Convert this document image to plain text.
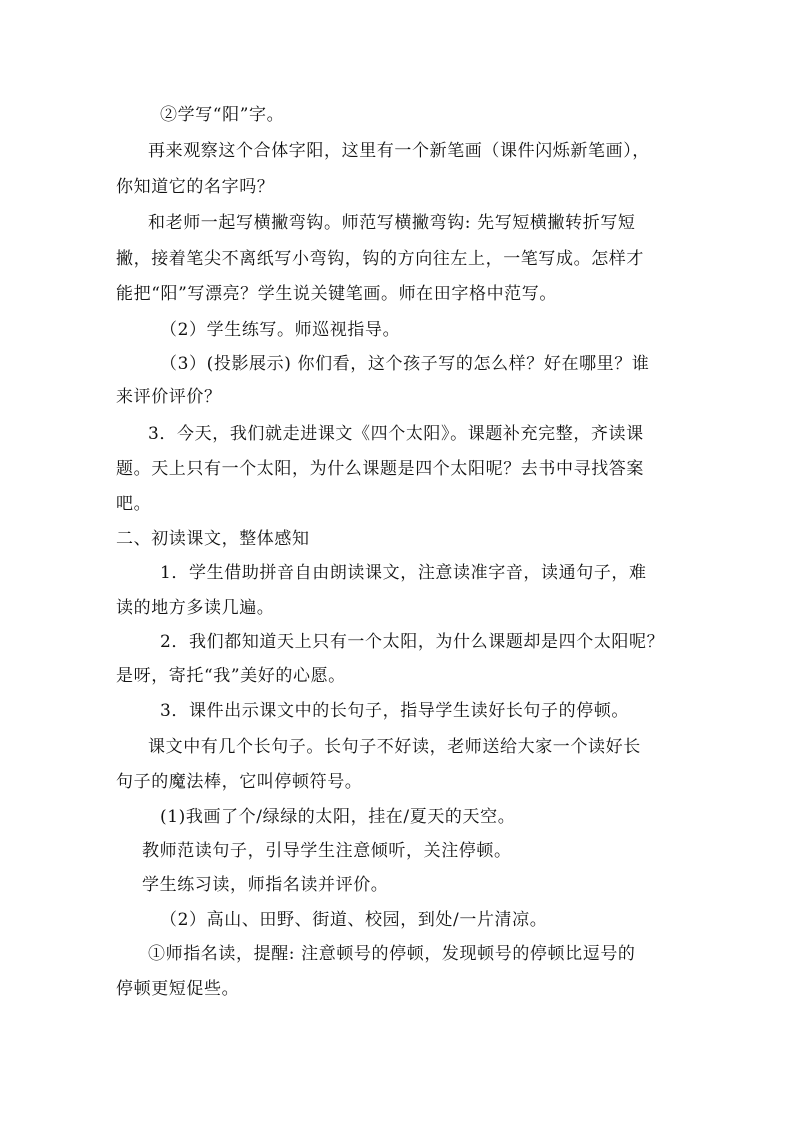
②学写“阳”字。
再来观察这个合体字阳，这里有一个新笔画（课件闪烁新笔画），
你知道它的名字吗？
和老师一起写横撇弯钩。师范写横撇弯钩: 先写短横撇转折写短
撇，接着笔尖不离纸写小弯钩，钩的方向往左上，一笔写成。怎样才
能把“阳”写漂亮？学生说关键笔画。师在田字格中范写。
（2）学生练写。师巡视指导。
（3）(投影展示) 你们看，这个孩子写的怎么样？好在哪里？谁
来评价评价？
3．今天，我们就走进课文《四个太阳》。课题补充完整，齐读课
题。天上只有一个太阳，为什么课题是四个太阳呢？去书中寻找答案
吧。
二、初读课文，整体感知
1．学生借助拼音自由朗读课文，注意读准字音，读通句子，难
读的地方多读几遍。
2．我们都知道天上只有一个太阳，为什么课题却是四个太阳呢？
是呀，寄托“我”美好的心愿。
3．课件出示课文中的长句子，指导学生读好长句子的停顿。
课文中有几个长句子。长句子不好读，老师送给大家一个读好长
句子的魔法棒，它叫停顿符号。
(1)我画了个/绿绿的太阳，挂在/夏天的天空。
教师范读句子，引导学生注意倾听，关注停顿。
学生练习读，师指名读并评价。
（2）高山、田野、街道、校园，到处/一片清凉。
①师指名读，提醒: 注意顿号的停顿，发现顿号的停顿比逗号的
停顿更短促些。
